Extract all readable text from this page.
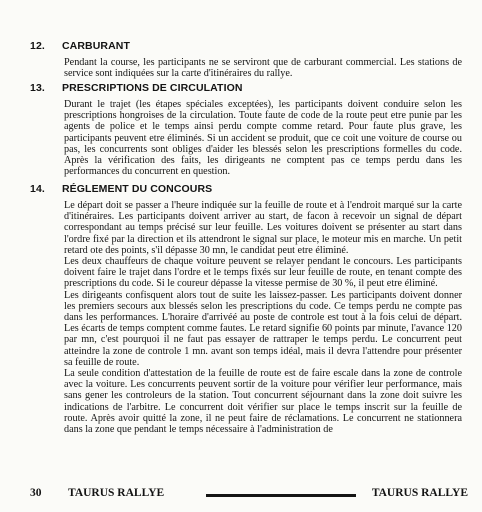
12. CARBURANT

Pendant la course, les participants ne se serviront que de carburant commercial. Les stations de service sont indiquées sur la carte d'itinéraires du rallye.

13. PRESCRIPTIONS DE CIRCULATION

Durant le trajet (les étapes spéciales exceptées), les participants doivent conduire selon les prescriptions hongroises de la circulation. Toute faute de code de la route peut etre punie par les agents de police et le temps ainsi perdu compte comme retard. Pour faute plus grave, les participants peuvent etre éliminés. Si un accident se produit, que ce coit une voiture de course ou pas, les concurrents sont obliges d'aider les blessés selon les prescriptions formelles du code. Après la vérification des faits, les dirigeants ne comptent pas ce temps perdu dans les performances du concurrent en question.

14. RÉGLEMENT DU CONCOURS

Le départ doit se passer a l'heure indiquée sur la feuille de route et à l'endroit marqué sur la carte d'itinéraires. Les participants doivent arriver au start, de facon à recevoir un signal de départ correspondant au temps précisé sur leur feuille. Les voitures doivent se présenter au start dans l'ordre fixé par la direction et ils attendront le signal sur place, le moteur mis en marche. Un petit retard ote des points, s'il dépasse 30 mn, le candidat peut etre éliminé.

Les deux chauffeurs de chaque voiture peuvent se relayer pendant le concours. Les participants doivent faire le trajet dans l'ordre et le temps fixés sur leur feuille de route, en tenant compte des prescriptions du code. Si le coureur dépasse la vitesse permise de 30 %, il peut etre éliminé.

Les dirigeants confisquent alors tout de suite les laissez-passer. Les participants doivent donner les premiers secours aux blessés selon les prescriptions du code. Ce temps perdu ne compte pas dans les performances. L'horaire d'arrivéé au poste de controle est tout à la fois celui de départ. Les écarts de temps comptent comme fautes. Le retard signifie 60 points par minute, l'avance 120 par mn, c'est pourquoi il ne faut pas essayer de rattraper le temps perdu. Le concurrent peut atteindre la zone de controle 1 mn. avant son temps idéal, mais il devra l'attendre pour présenter sa feuille de route.

La seule condition d'attestation de la feuille de route est de faire escale dans la zone de controle avec la voiture. Les concurrents peuvent sortir de la voiture pour vérifier leur performance, mais sans gener les controleurs de la station. Tout concurrent séjournant dans la zone doit suivre les indications de l'arbitre. Le concurrent doit vérifier sur place le temps inscrit sur la feuille de route. Après avoir quitté la zone, il ne peut faire de réclamations. Le concurrent ne stationnera dans la zone que pendant le temps nécessaire à l'administration de

30 TAURUS RALLYE	TAURUS RALLYE
